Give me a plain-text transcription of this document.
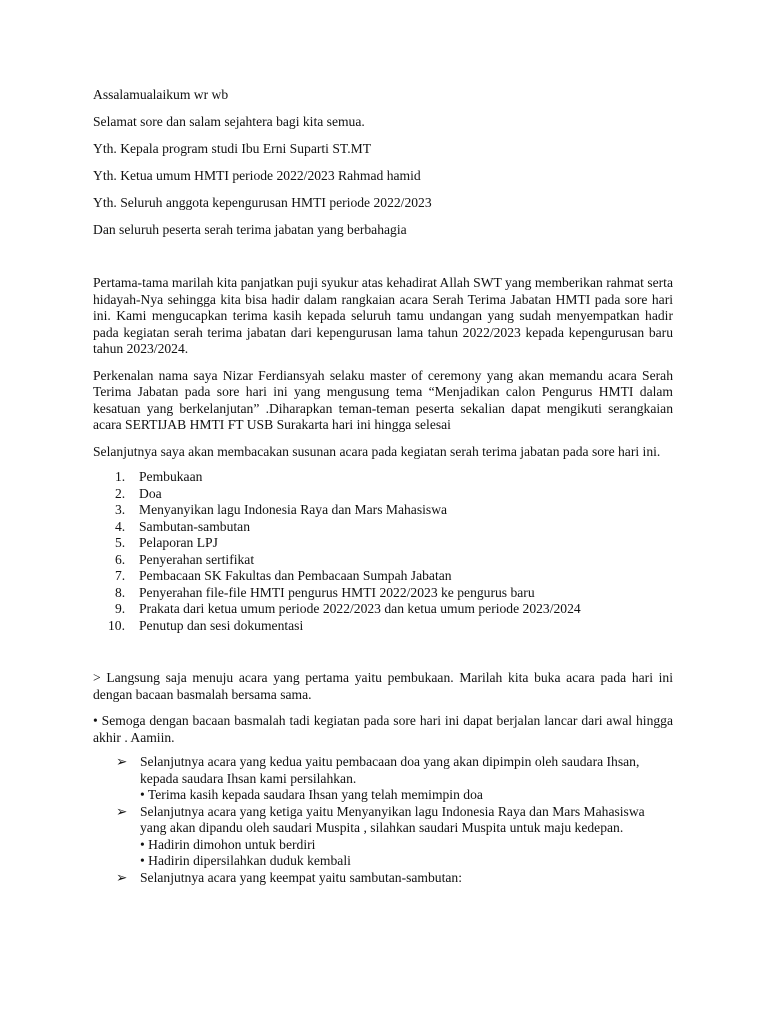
Assalamualaikum wr wb

Selamat sore dan salam sejahtera bagi kita semua.

Yth. Kepala program studi Ibu Erni Suparti ST.MT

Yth. Ketua umum HMTI periode 2022/2023 Rahmad hamid

Yth. Seluruh anggota kepengurusan HMTI periode 2022/2023

Dan seluruh peserta serah terima jabatan yang berbahagia

Pertama-tama marilah kita panjatkan puji syukur atas kehadirat Allah SWT yang memberikan rahmat serta hidayah-Nya sehingga kita bisa hadir dalam rangkaian acara Serah Terima Jabatan HMTI pada sore hari ini. Kami mengucapkan terima kasih kepada seluruh tamu undangan yang sudah menyempatkan hadir pada kegiatan serah terima jabatan dari kepengurusan lama tahun 2022/2023 kepada kepengurusan baru tahun 2023/2024.

Perkenalan nama saya Nizar Ferdiansyah selaku master of ceremony yang akan memandu acara Serah Terima Jabatan pada sore hari ini yang mengusung tema “Menjadikan calon Pengurus HMTI dalam kesatuan yang berkelanjutan” .Diharapkan teman-teman peserta sekalian dapat mengikuti serangkaian acara SERTIJAB HMTI FT USB Surakarta hari ini hingga selesai

Selanjutnya saya akan membacakan susunan acara pada kegiatan serah terima jabatan pada sore hari ini.

1. Pembukaan
2. Doa
3. Menyanyikan lagu Indonesia Raya dan Mars Mahasiswa
4. Sambutan-sambutan
5. Pelaporan LPJ
6. Penyerahan sertifikat
7. Pembacaan SK Fakultas dan Pembacaan Sumpah Jabatan
8. Penyerahan file-file HMTI pengurus HMTI 2022/2023 ke pengurus baru
9. Prakata dari ketua umum periode 2022/2023 dan ketua umum periode 2023/2024
10. Penutup dan sesi dokumentasi

> Langsung saja menuju acara yang pertama yaitu pembukaan. Marilah kita buka acara pada hari ini dengan bacaan basmalah bersama sama.

• Semoga dengan bacaan basmalah tadi kegiatan pada sore hari ini dapat berjalan lancar dari awal hingga akhir . Aamiin.

➢ Selanjutnya acara yang kedua yaitu pembacaan doa yang akan dipimpin oleh saudara Ihsan, kepada saudara Ihsan kami persilahkan.
• Terima kasih kepada saudara Ihsan yang telah memimpin doa
➢ Selanjutnya acara yang ketiga yaitu Menyanyikan lagu Indonesia Raya dan Mars Mahasiswa yang akan dipandu oleh saudari Muspita , silahkan saudari Muspita untuk maju kedepan.
• Hadirin dimohon untuk berdiri
• Hadirin dipersilahkan duduk kembali
➢ Selanjutnya acara yang keempat yaitu sambutan-sambutan:
